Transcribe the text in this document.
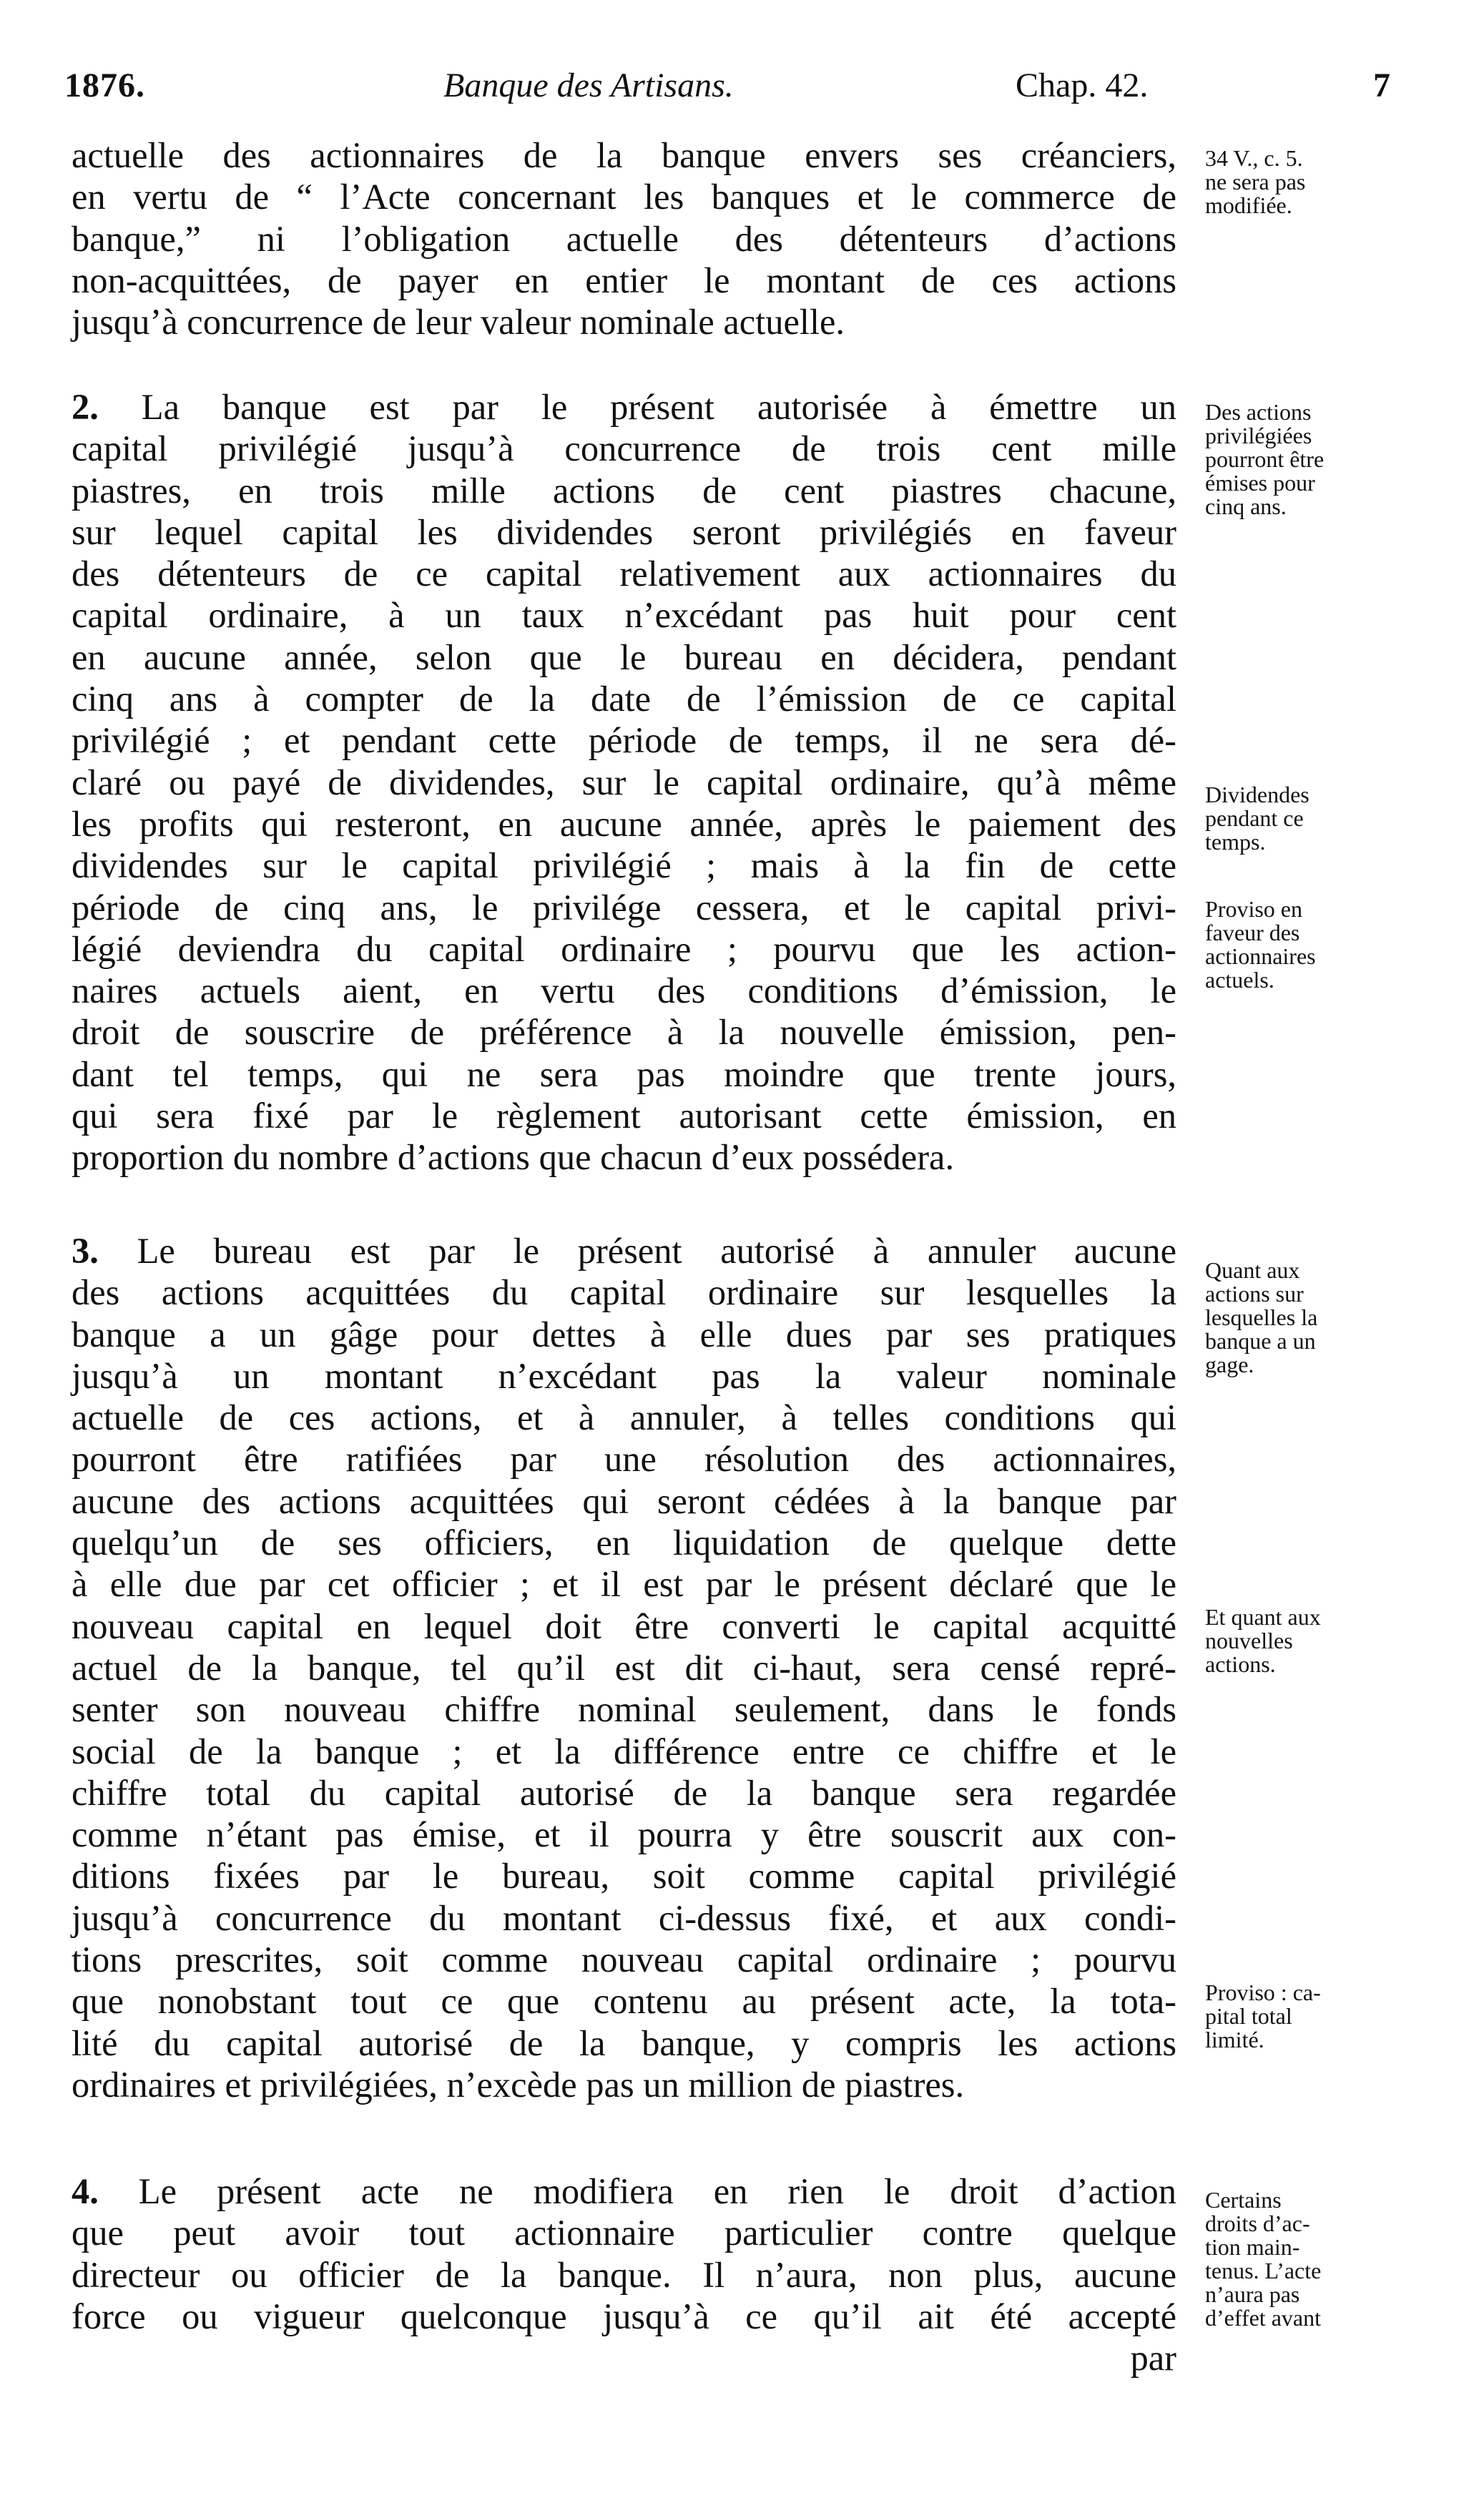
1876.	Banque des Artisans.	Chap. 42.	7
actuelle des actionnaires de la banque envers ses créanciers,
en vertu de “ l’Acte concernant les banques et le commerce de
banque,” ni l’obligation actuelle des détenteurs d’actions
non-acquittées, de payer en entier le montant de ces actions
jusqu’à concurrence de leur valeur nominale actuelle.
2. La banque est par le présent autorisée à émettre un
capital privilégié jusqu’à concurrence de trois cent mille
piastres, en trois mille actions de cent piastres chacune,
sur lequel capital les dividendes seront privilégiés en faveur
des détenteurs de ce capital relativement aux actionnaires du
capital ordinaire, à un taux n’excédant pas huit pour cent
en aucune année, selon que le bureau en décidera, pendant
cinq ans à compter de la date de l’émission de ce capital
privilégié ; et pendant cette période de temps, il ne sera dé-
claré ou payé de dividendes, sur le capital ordinaire, qu’à même
les profits qui resteront, en aucune année, après le paiement des
dividendes sur le capital privilégié ; mais à la fin de cette
période de cinq ans, le privilége cessera, et le capital privi-
légié deviendra du capital ordinaire ; pourvu que les action-
naires actuels aient, en vertu des conditions d’émission, le
droit de souscrire de préférence à la nouvelle émission, pen-
dant tel temps, qui ne sera pas moindre que trente jours,
qui sera fixé par le règlement autorisant cette émission, en
proportion du nombre d’actions que chacun d’eux possédera.
3. Le bureau est par le présent autorisé à annuler aucune
des actions acquittées du capital ordinaire sur lesquelles la
banque a un gâge pour dettes à elle dues par ses pratiques
jusqu’à un montant n’excédant pas la valeur nominale
actuelle de ces actions, et à annuler, à telles conditions qui
pourront être ratifiées par une résolution des actionnaires,
aucune des actions acquittées qui seront cédées à la banque par
quelqu’un de ses officiers, en liquidation de quelque dette
à elle due par cet officier ; et il est par le présent déclaré que le
nouveau capital en lequel doit être converti le capital acquitté
actuel de la banque, tel qu’il est dit ci-haut, sera censé repré-
senter son nouveau chiffre nominal seulement, dans le fonds
social de la banque ; et la différence entre ce chiffre et le
chiffre total du capital autorisé de la banque sera regardée
comme n’étant pas émise, et il pourra y être souscrit aux con-
ditions fixées par le bureau, soit comme capital privilégié
jusqu’à concurrence du montant ci-dessus fixé, et aux condi-
tions prescrites, soit comme nouveau capital ordinaire ; pourvu
que nonobstant tout ce que contenu au présent acte, la tota-
lité du capital autorisé de la banque, y compris les actions
ordinaires et privilégiées, n’excède pas un million de piastres.
4. Le présent acte ne modifiera en rien le droit d’action
que peut avoir tout actionnaire particulier contre quelque
directeur ou officier de la banque. Il n’aura, non plus, aucune
force ou vigueur quelconque jusqu’à ce qu’il ait été accepté
par
34 V., c. 5.
ne sera pas
modifiée.
Des actions
privilégiées
pourront être
émises pour
cinq ans.
Dividendes
pendant ce
temps.
Proviso en
faveur des
actionnaires
actuels.
Quant aux
actions sur
lesquelles la
banque a un
gage.
Et quant aux
nouvelles
actions.
Proviso : ca-
pital total
limité.
Certains
droits d’ac-
tion main-
tenus. L’acte
n’aura pas
d’effet avant
